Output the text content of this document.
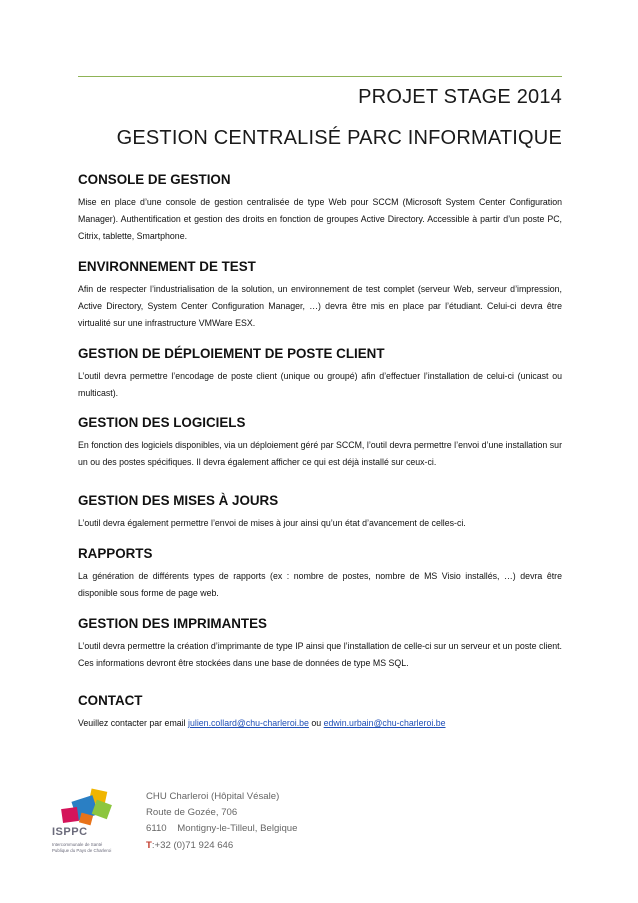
PROJET STAGE 2014
GESTION CENTRALISÉ PARC INFORMATIQUE
CONSOLE DE GESTION

Mise en place d’une console de gestion centralisée de type Web pour SCCM (Microsoft System Center Configuration Manager). Authentification et gestion des droits en fonction de groupes Active Directory. Accessible à partir d’un poste PC, Citrix, tablette, Smartphone.

ENVIRONNEMENT DE TEST

Afin de respecter l’industrialisation de la solution, un environnement de test complet (serveur Web, serveur d’impression, Active Directory, System Center Configuration Manager, …) devra être mis en place par l’étudiant. Celui-ci devra être virtualité sur une infrastructure VMWare ESX.

GESTION DE DÉPLOIEMENT DE POSTE CLIENT

L’outil devra permettre l’encodage de poste client (unique ou groupé) afin d’effectuer l’installation de celui-ci (unicast ou multicast).

GESTION DES LOGICIELS

En fonction des logiciels disponibles, via un déploiement géré par SCCM, l’outil devra permettre l’envoi d’une installation sur un ou des postes spécifiques. Il devra également afficher ce qui est déjà installé sur ceux-ci.

GESTION DES MISES À JOURS

L’outil devra également permettre l’envoi de mises à jour ainsi qu’un état d’avancement de celles-ci.

RAPPORTS

La génération de différents types de rapports (ex : nombre de postes, nombre de MS Visio installés, …) devra être disponible sous forme de page web.

GESTION DES IMPRIMANTES

L’outil devra permettre la création d’imprimante de type IP ainsi que l’installation de celle-ci sur un serveur et un poste client. Ces informations devront être stockées dans une base de données de type MS SQL.

CONTACT

Veuillez contacter par email julien.collard@chu-charleroi.be ou edwin.urbain@chu-charleroi.be

ISPPC
Intercommunale de Santé Publique du Pays de Charleroi
CHU Charleroi (Hôpital Vésale)
Route de Gozée, 706
6110    Montigny-le-Tilleul, Belgique
T:+32 (0)71 924 646
